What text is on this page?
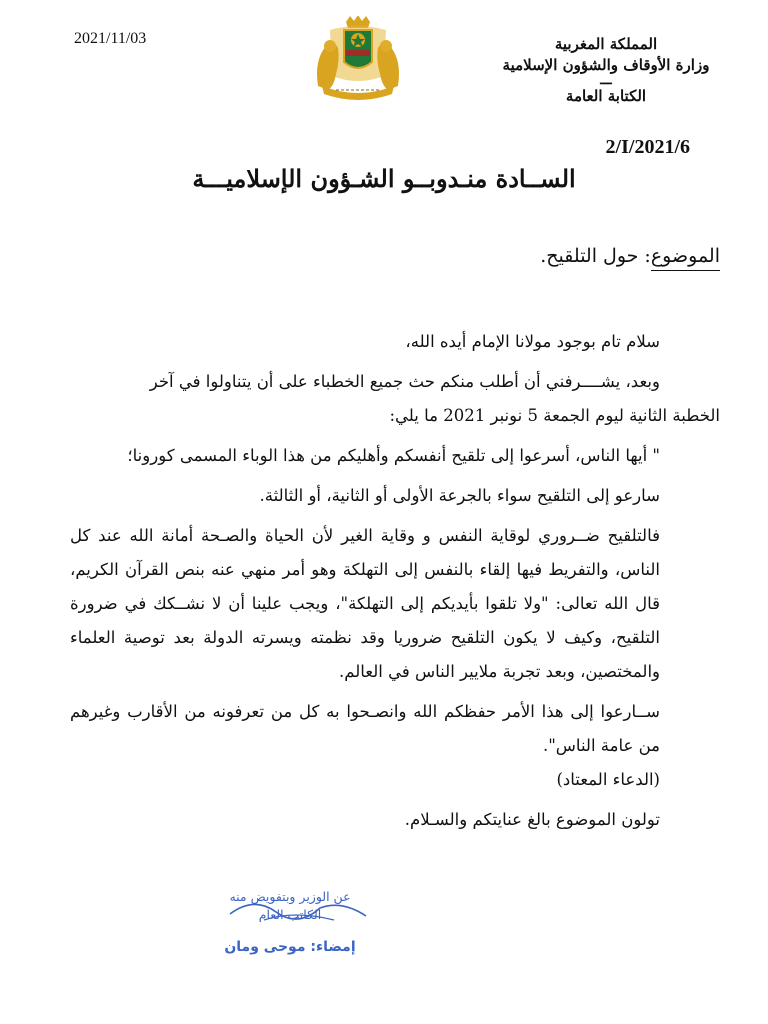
2021/11/03	المملكة المغربية
وزارة الأوقاف والشؤون الإسلامية
ـــ
الكتابة العامة
2/I/2021/6
الســادة منـدوبــو الشـؤون الإسلاميـــة
الموضوع: حول التلقيح.

سلام تام بوجود مولانا الإمام أيده الله،

وبعد، يشــــرفني أن أطلب منكم حث جميع الخطباء على أن يتناولوا في آخر

الخطبة الثانية ليوم الجمعة 5 نونبر 2021 ما يلي:

" أيها الناس، أسرعوا إلى تلقيح أنفسكم وأهليكم من هذا الوباء المسمى كورونا؛

سارعو إلى التلقيح سواء بالجرعة الأولى أو الثانية، أو الثالثة.

فالتلقيح ضــروري لوقاية النفس و وقاية الغير لأن الحياة والصـحة أمانة الله عند كل الناس، والتفريط فيها إلقاء بالنفس إلى التهلكة وهو أمر منهي عنه بنص القرآن الكريم، قال الله تعالى: "ولا تلقوا بأيديكم إلى التهلكة"، ويجب علينا أن لا نشــكك في ضرورة التلقيح، وكيف لا يكون التلقيح ضروريا وقد نظمته ويسرته الدولة بعد توصية العلماء والمختصين، وبعد تجربة ملايير الناس في العالم.

ســارعوا إلى هذا الأمر حفظكم الله وانصـحوا به كل من تعرفونه من الأقارب وغيرهم من عامة الناس".

(الدعاء المعتاد)

تولون الموضوع بالغ عنايتكم والسـلام.

عن الوزير وبتفويض منه
الكاتب العام
إمضاء: موحى ومان
